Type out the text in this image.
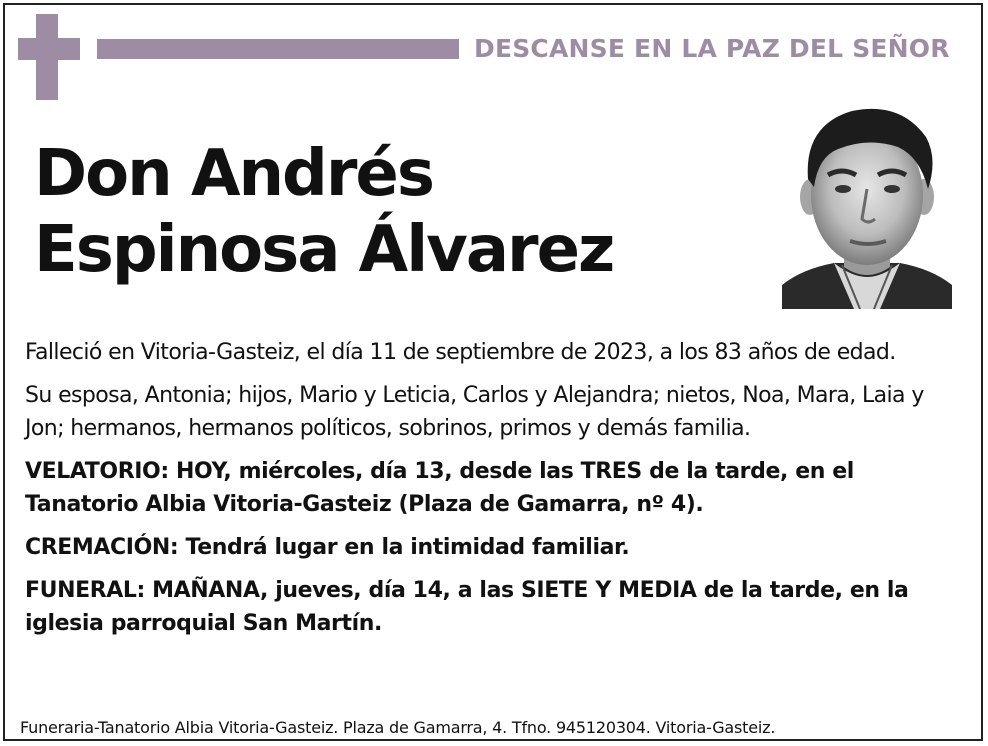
DESCANSE EN LA PAZ DEL SEÑOR
Don Andrés
Espinosa Álvarez

Falleció en Vitoria-Gasteiz, el día 11 de septiembre de 2023, a los 83 años de edad.

Su esposa, Antonia; hijos, Mario y Leticia, Carlos y Alejandra; nietos, Noa, Mara, Laia y Jon; hermanos, hermanos políticos, sobrinos, primos y demás familia.

VELATORIO: HOY, miércoles, día 13, desde las TRES de la tarde, en el Tanatorio Albia Vitoria-Gasteiz (Plaza de Gamarra, nº 4).

CREMACIÓN: Tendrá lugar en la intimidad familiar.

FUNERAL: MAÑANA, jueves, día 14, a las SIETE Y MEDIA de la tarde, en la iglesia parroquial San Martín.

Funeraria-Tanatorio Albia Vitoria-Gasteiz. Plaza de Gamarra, 4. Tfno. 945120304. Vitoria-Gasteiz.
